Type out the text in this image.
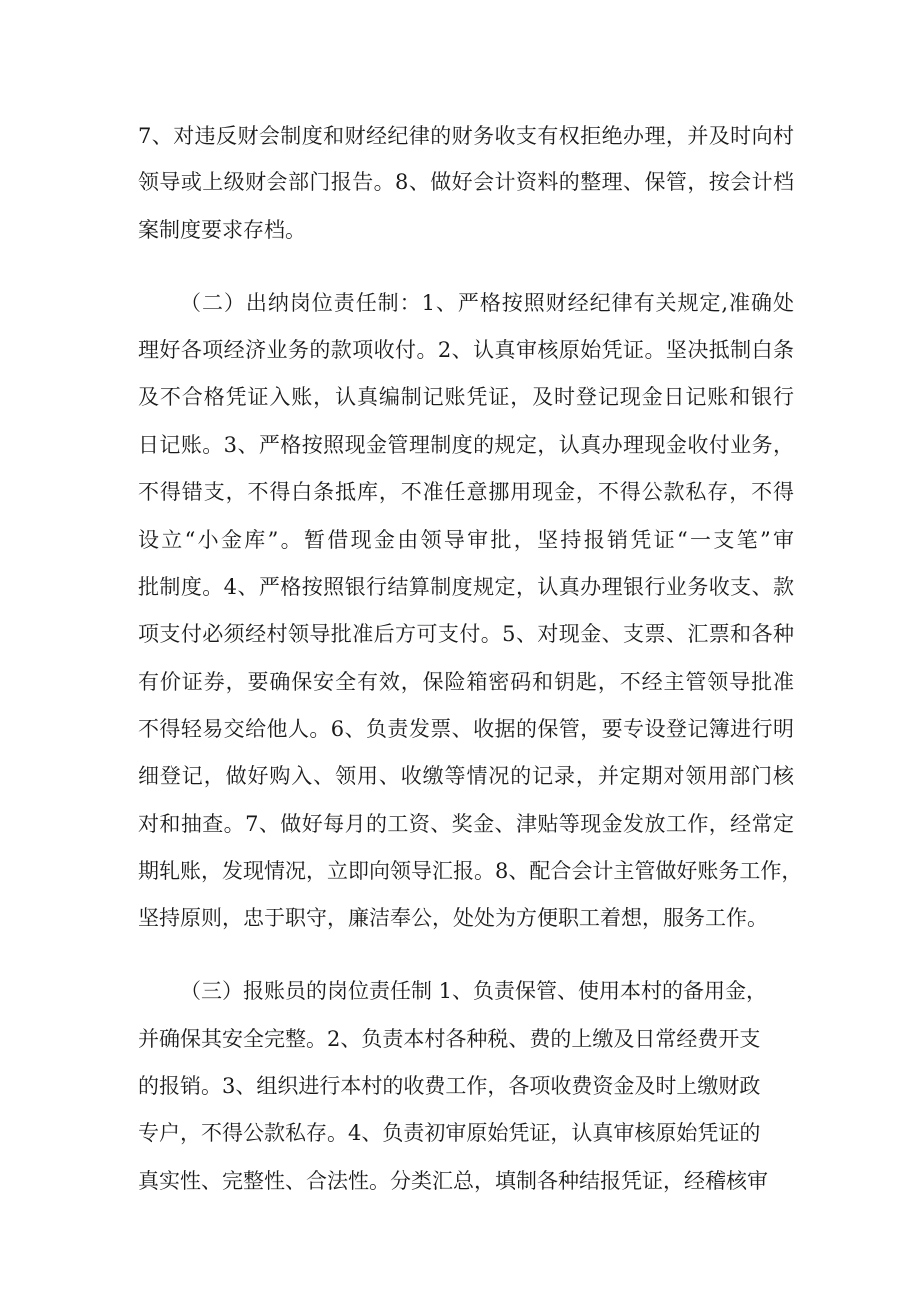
7、对违反财会制度和财经纪律的财务收支有权拒绝办理，并及时向村
领导或上级财会部门报告。8、做好会计资料的整理、保管，按会计档
案制度要求存档。
（二）出纳岗位责任制：1、严格按照财经纪律有关规定,准确处
理好各项经济业务的款项收付。2、认真审核原始凭证。坚决抵制白条
及不合格凭证入账，认真编制记账凭证，及时登记现金日记账和银行
日记账。3、严格按照现金管理制度的规定，认真办理现金收付业务，
不得错支，不得白条抵库，不准任意挪用现金，不得公款私存，不得
设立“小金库”。暂借现金由领导审批，坚持报销凭证“一支笔”审
批制度。4、严格按照银行结算制度规定，认真办理银行业务收支、款
项支付必须经村领导批准后方可支付。5、对现金、支票、汇票和各种
有价证券，要确保安全有效，保险箱密码和钥匙，不经主管领导批准
不得轻易交给他人。6、负责发票、收据的保管，要专设登记簿进行明
细登记，做好购入、领用、收缴等情况的记录，并定期对领用部门核
对和抽查。7、做好每月的工资、奖金、津贴等现金发放工作，经常定
期轧账，发现情况，立即向领导汇报。8、配合会计主管做好账务工作，
坚持原则，忠于职守，廉洁奉公，处处为方便职工着想，服务工作。
（三）报账员的岗位责任制 1、负责保管、使用本村的备用金，
并确保其安全完整。2、负责本村各种税、费的上缴及日常经费开支
的报销。3、组织进行本村的收费工作，各项收费资金及时上缴财政
专户，不得公款私存。4、负责初审原始凭证，认真审核原始凭证的
真实性、完整性、合法性。分类汇总，填制各种结报凭证，经稽核审
